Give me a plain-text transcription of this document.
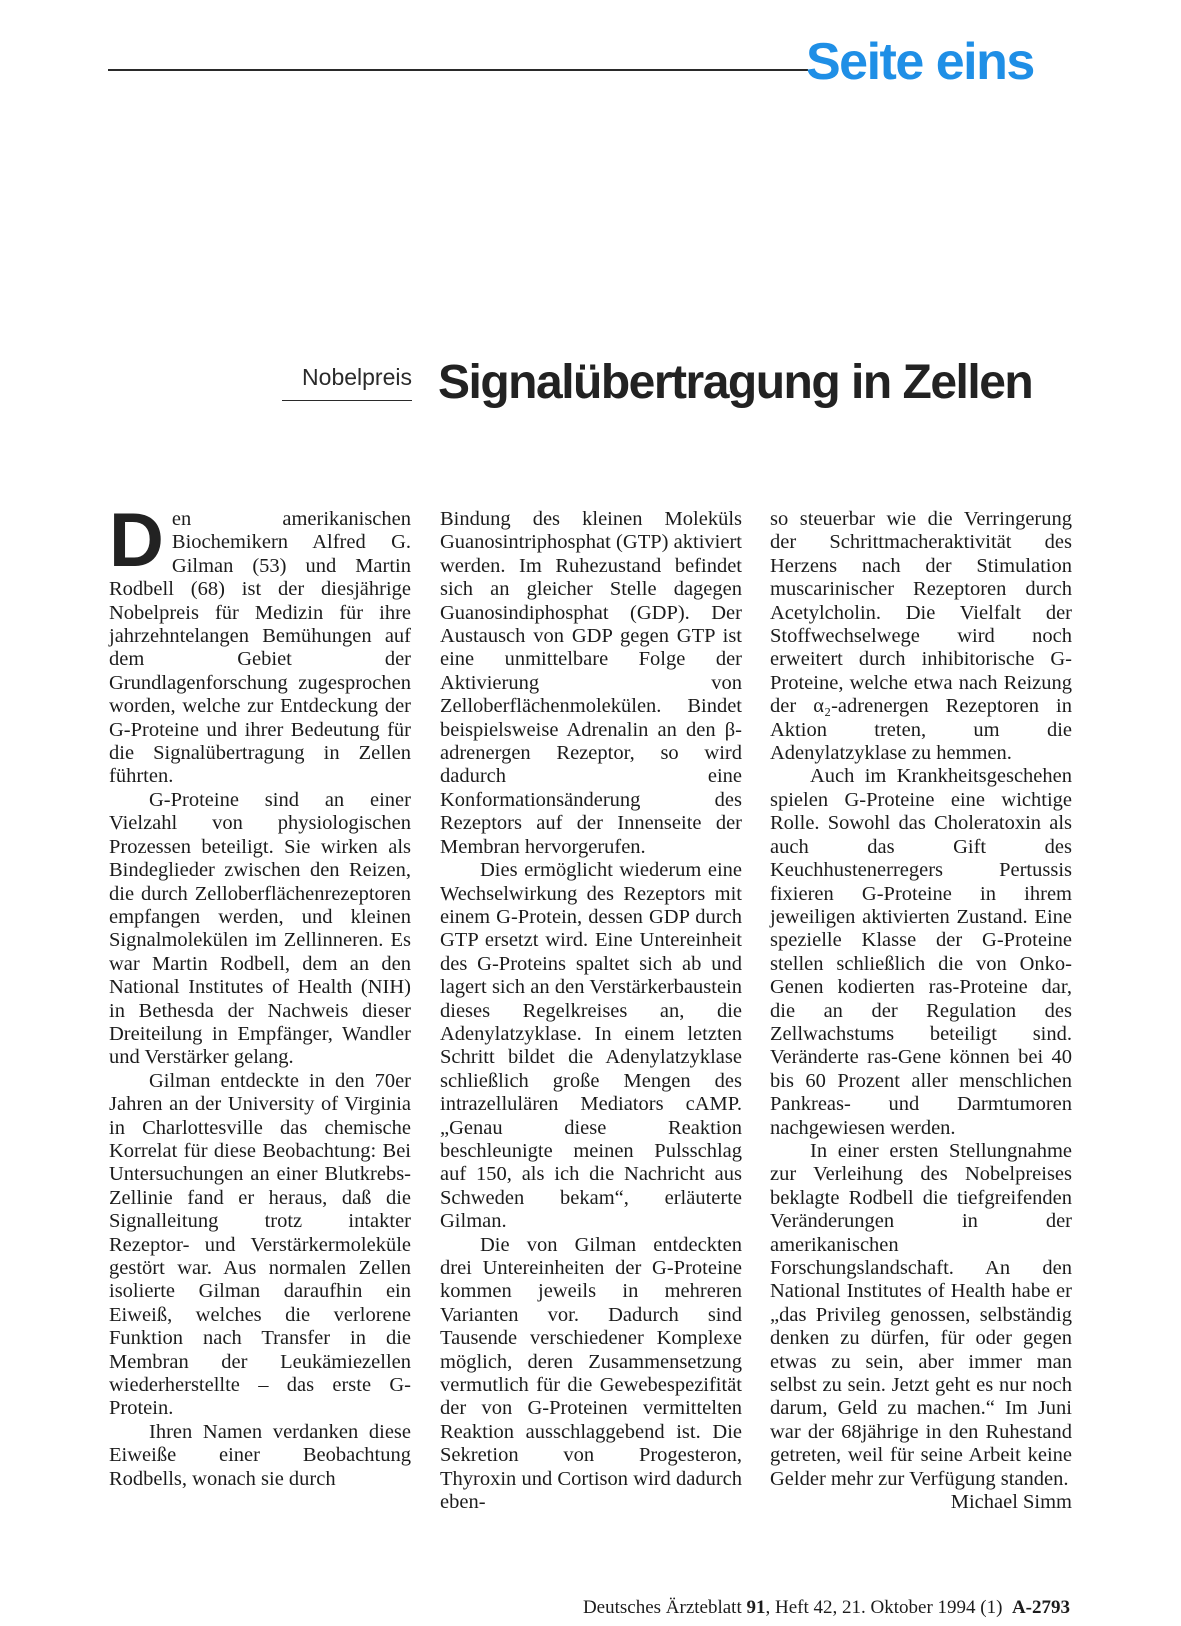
Seite eins
Nobelpreis Signalübertragung in Zellen

Den amerikanischen Biochemikern Alfred G. Gilman (53) und Martin Rodbell (68) ist der diesjährige Nobelpreis für Medizin für ihre jahrzehntelangen Bemühungen auf dem Gebiet der Grundlagenforschung zugesprochen worden, welche zur Entdeckung der G-Proteine und ihrer Bedeutung für die Signalübertragung in Zellen führten.

G-Proteine sind an einer Vielzahl von physiologischen Prozessen beteiligt. Sie wirken als Bindeglieder zwischen den Reizen, die durch Zelloberflächenrezeptoren empfangen werden, und kleinen Signalmolekülen im Zellinneren. Es war Martin Rodbell, dem an den National Institutes of Health (NIH) in Bethesda der Nachweis dieser Dreiteilung in Empfänger, Wandler und Verstärker gelang.

Gilman entdeckte in den 70er Jahren an der University of Virginia in Charlottesville das chemische Korrelat für diese Beobachtung: Bei Untersuchungen an einer Blutkrebs-Zellinie fand er heraus, daß die Signalleitung trotz intakter Rezeptor- und Verstärkermoleküle gestört war. Aus normalen Zellen isolierte Gilman daraufhin ein Eiweiß, welches die verlorene Funktion nach Transfer in die Membran der Leukämiezellen wiederherstellte – das erste G-Protein.

Ihren Namen verdanken diese Eiweiße einer Beobachtung Rodbells, wonach sie durch

Bindung des kleinen Moleküls Guanosintriphosphat (GTP) aktiviert werden. Im Ruhezustand befindet sich an gleicher Stelle dagegen Guanosindiphosphat (GDP). Der Austausch von GDP gegen GTP ist eine unmittelbare Folge der Aktivierung von Zelloberflächenmolekülen. Bindet beispielsweise Adrenalin an den β-adrenergen Rezeptor, so wird dadurch eine Konformationsänderung des Rezeptors auf der Innenseite der Membran hervorgerufen.

Dies ermöglicht wiederum eine Wechselwirkung des Rezeptors mit einem G-Protein, dessen GDP durch GTP ersetzt wird. Eine Untereinheit des G-Proteins spaltet sich ab und lagert sich an den Verstärkerbaustein dieses Regelkreises an, die Adenylatzyklase. In einem letzten Schritt bildet die Adenylatzyklase schließlich große Mengen des intrazellulären Mediators cAMP. „Genau diese Reaktion beschleunigte meinen Pulsschlag auf 150, als ich die Nachricht aus Schweden bekam“, erläuterte Gilman.

Die von Gilman entdeckten drei Untereinheiten der G-Proteine kommen jeweils in mehreren Varianten vor. Dadurch sind Tausende verschiedener Komplexe möglich, deren Zusammensetzung vermutlich für die Gewebespezifität der von G-Proteinen vermittelten Reaktion ausschlaggebend ist. Die Sekretion von Progesteron, Thyroxin und Cortison wird dadurch eben-

so steuerbar wie die Verringerung der Schrittmacheraktivität des Herzens nach der Stimulation muscarinischer Rezeptoren durch Acetylcholin. Die Vielfalt der Stoffwechselwege wird noch erweitert durch inhibitorische G-Proteine, welche etwa nach Reizung der α₂-adrenergen Rezeptoren in Aktion treten, um die Adenylatzyklase zu hemmen.

Auch im Krankheitsgeschehen spielen G-Proteine eine wichtige Rolle. Sowohl das Choleratoxin als auch das Gift des Keuchhustenerregers Pertussis fixieren G-Proteine in ihrem jeweiligen aktivierten Zustand. Eine spezielle Klasse der G-Proteine stellen schließlich die von Onko-Genen kodierten ras-Proteine dar, die an der Regulation des Zellwachstums beteiligt sind. Veränderte ras-Gene können bei 40 bis 60 Prozent aller menschlichen Pankreas- und Darmtumoren nachgewiesen werden.

In einer ersten Stellungnahme zur Verleihung des Nobelpreises beklagte Rodbell die tiefgreifenden Veränderungen in der amerikanischen Forschungslandschaft. An den National Institutes of Health habe er „das Privileg genossen, selbständig denken zu dürfen, für oder gegen etwas zu sein, aber immer man selbst zu sein. Jetzt geht es nur noch darum, Geld zu machen.“ Im Juni war der 68jährige in den Ruhestand getreten, weil für seine Arbeit keine Gelder mehr zur Verfügung standen.

Michael Simm

Deutsches Ärzteblatt 91, Heft 42, 21. Oktober 1994 (1) A-2793
